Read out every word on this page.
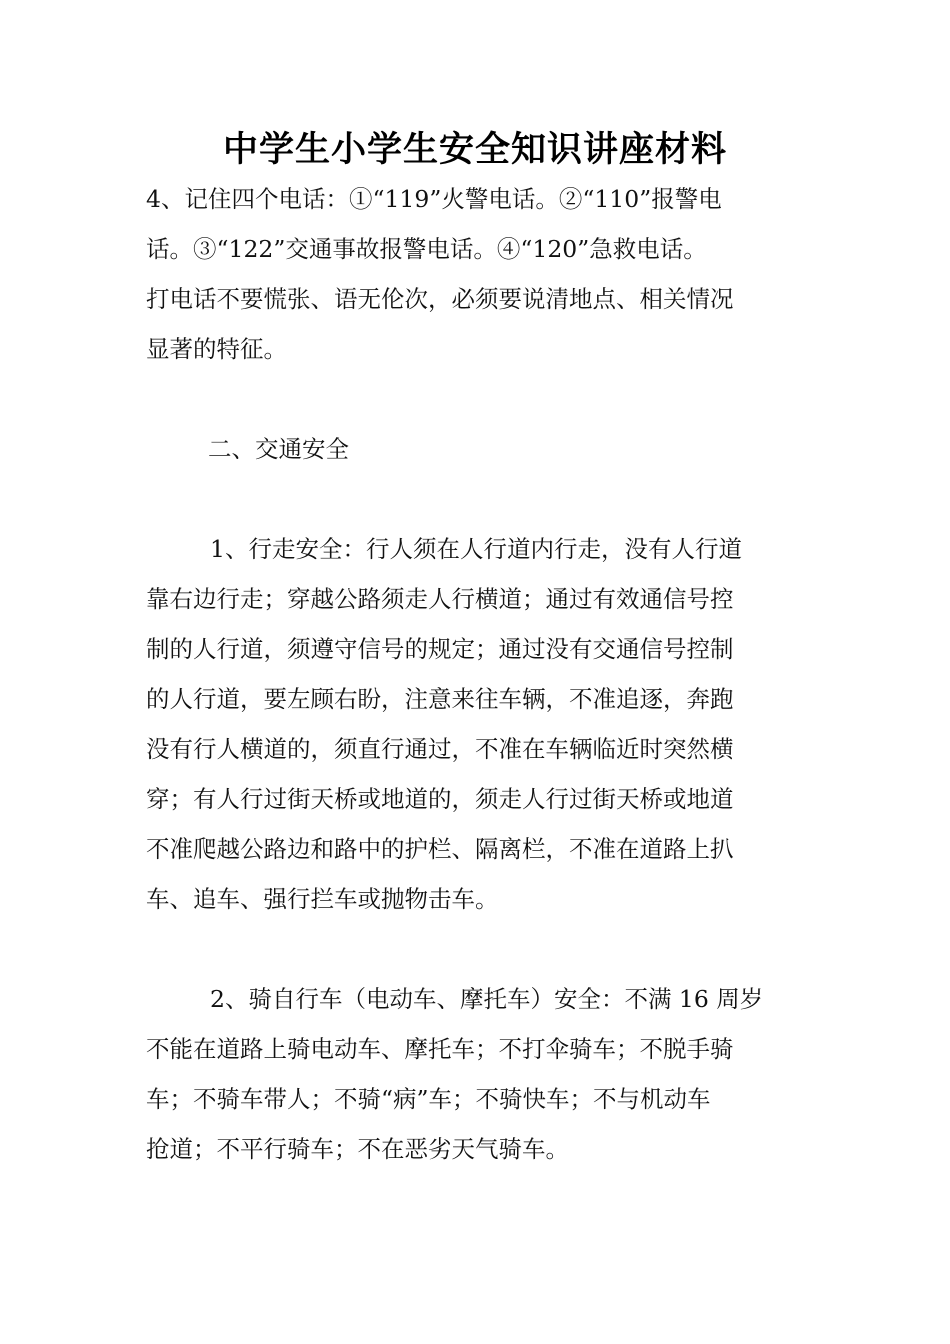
中学生小学生安全知识讲座材料
4、记住四个电话：①“119”火警电话。②“110”报警电
话。③“122”交通事故报警电话。④“120”急救电话。
打电话不要慌张、语无伦次，必须要说清地点、相关情况
显著的特征。
二、交通安全
1、行走安全：行人须在人行道内行走，没有人行道
靠右边行走；穿越公路须走人行横道；通过有效通信号控
制的人行道，须遵守信号的规定；通过没有交通信号控制
的人行道，要左顾右盼，注意来往车辆，不准追逐，奔跑
没有行人横道的，须直行通过，不准在车辆临近时突然横
穿；有人行过街天桥或地道的，须走人行过街天桥或地道
不准爬越公路边和路中的护栏、隔离栏，不准在道路上扒
车、追车、强行拦车或抛物击车。
2、骑自行车（电动车、摩托车）安全：不满 16 周岁
不能在道路上骑电动车、摩托车；不打伞骑车；不脱手骑
车；不骑车带人；不骑“病”车；不骑快车；不与机动车
抢道；不平行骑车；不在恶劣天气骑车。
